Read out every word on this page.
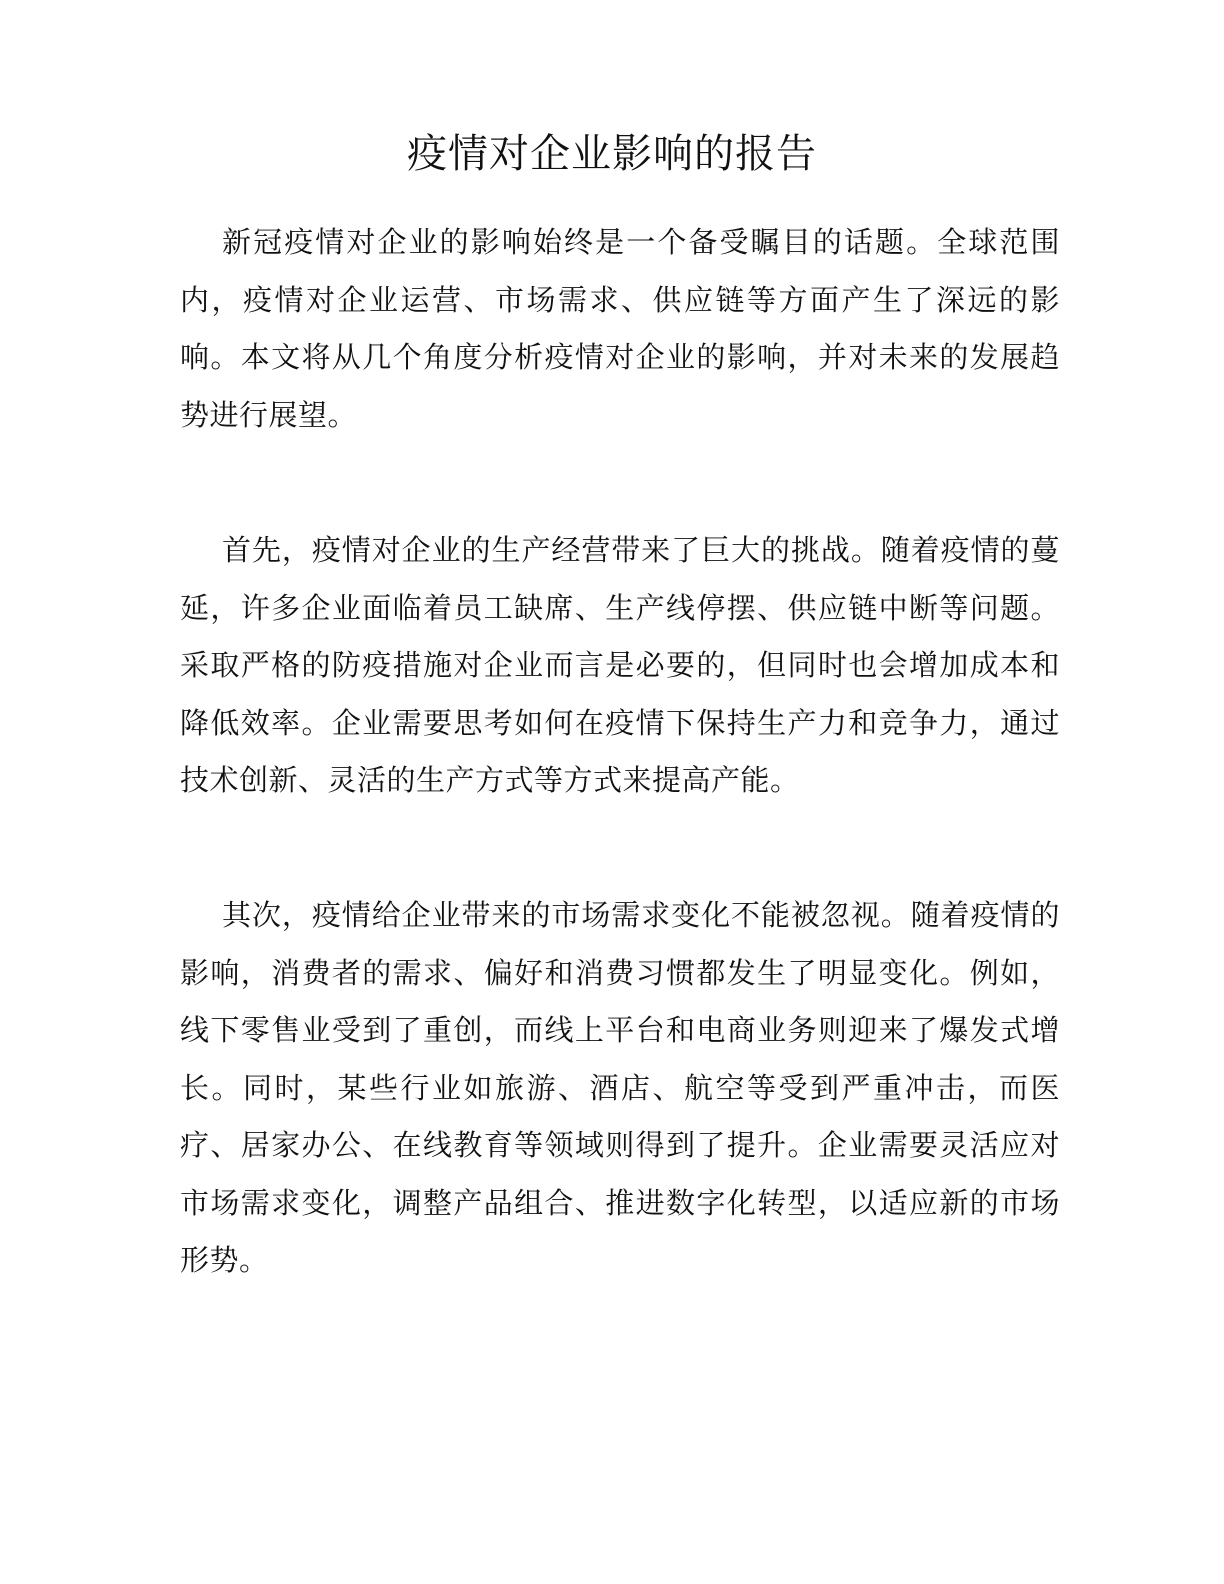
疫情对企业影响的报告

新冠疫情对企业的影响始终是一个备受瞩目的话题。全球范围内，疫情对企业运营、市场需求、供应链等方面产生了深远的影响。本文将从几个角度分析疫情对企业的影响，并对未来的发展趋势进行展望。

首先，疫情对企业的生产经营带来了巨大的挑战。随着疫情的蔓延，许多企业面临着员工缺席、生产线停摆、供应链中断等问题。采取严格的防疫措施对企业而言是必要的，但同时也会增加成本和降低效率。企业需要思考如何在疫情下保持生产力和竞争力，通过技术创新、灵活的生产方式等方式来提高产能。

其次，疫情给企业带来的市场需求变化不能被忽视。随着疫情的影响，消费者的需求、偏好和消费习惯都发生了明显变化。例如，线下零售业受到了重创，而线上平台和电商业务则迎来了爆发式增长。同时，某些行业如旅游、酒店、航空等受到严重冲击，而医疗、居家办公、在线教育等领域则得到了提升。企业需要灵活应对市场需求变化，调整产品组合、推进数字化转型，以适应新的市场形势。
